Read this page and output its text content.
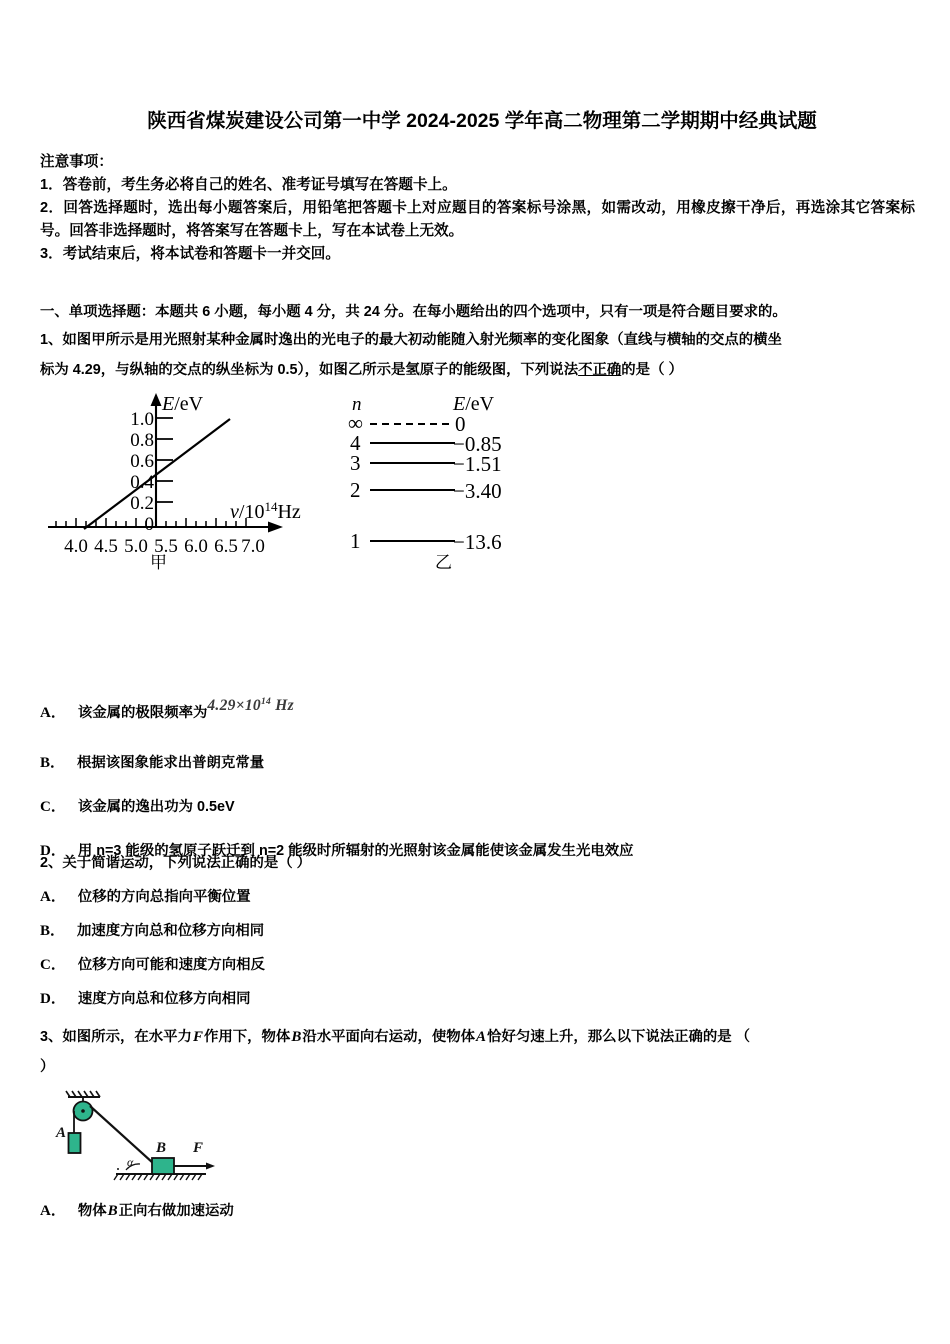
陕西省煤炭建设公司第一中学 2024-2025 学年高二物理第二学期期中经典试题
注意事项：
1．答卷前，考生务必将自己的姓名、准考证号填写在答题卡上。
2．回答选择题时，选出每小题答案后，用铅笔把答题卡上对应题目的答案标号涂黑，如需改动，用橡皮擦干净后，再选涂其它答案标号。回答非选择题时，将答案写在答题卡上，写在本试卷上无效。
3．考试结束后，将本试卷和答题卡一并交回。
一、单项选择题：本题共 6 小题，每小题 4 分，共 24 分。在每小题给出的四个选项中，只有一项是符合题目要求的。
1、如图甲所示是用光照射某种金属时逸出的光电子的最大初动能随入射光频率的变化图象（直线与横轴的交点的横坐
标为 4.29，与纵轴的交点的纵坐标为 0.5），如图乙所示是氢原子的能级图，下列说法不正确的是（ ）
1.0
0.8
0.6
0.4
0.2
0
4.0 4.5 5.0 5.5 6.0 6.5 7.0
E/eV
$v/10^{14}Hz$
甲
n	E/eV
∞	0
4	−0.85
3	−1.51
2	−3.40
1	−13.6
乙
A． 该金属的极限频率为$4.29\times 10^{14}$ Hz
B． 根据该图象能求出普朗克常量
C． 该金属的逸出功为 0.5eV
D． 用 n=3 能级的氢原子跃迁到 n=2 能级时所辐射的光照射该金属能使该金属发生光电效应
2、关于简谐运动，下列说法正确的是（ ）
A． 位移的方向总指向平衡位置
B． 加速度方向总和位移方向相同
C． 位移方向可能和速度方向相反
D． 速度方向总和位移方向相同
3、如图所示，在水平力F作用下，物体B沿水平面向右运动，使物体A恰好匀速上升，那么以下说法正确的是 （
）
A
α
B F
A． 物体B正向右做加速运动
